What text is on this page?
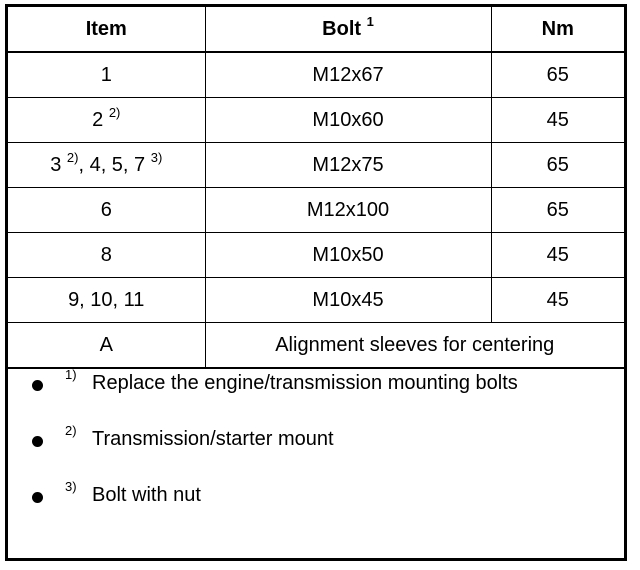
Item	Bolt $^1$	Nm
1	M12x67	65
2 $^{2)}$	M10x60	45
3 $^{2)}$, 4, 5, 7 $^{3)}$	M12x75	65
6	M12x100	65
8	M10x50	45
9, 10, 11	M10x45	45
A	Alignment sleeves for centering	
1) Replace the engine/transmission mounting bolts
2) Transmission/starter mount
3) Bolt with nut
